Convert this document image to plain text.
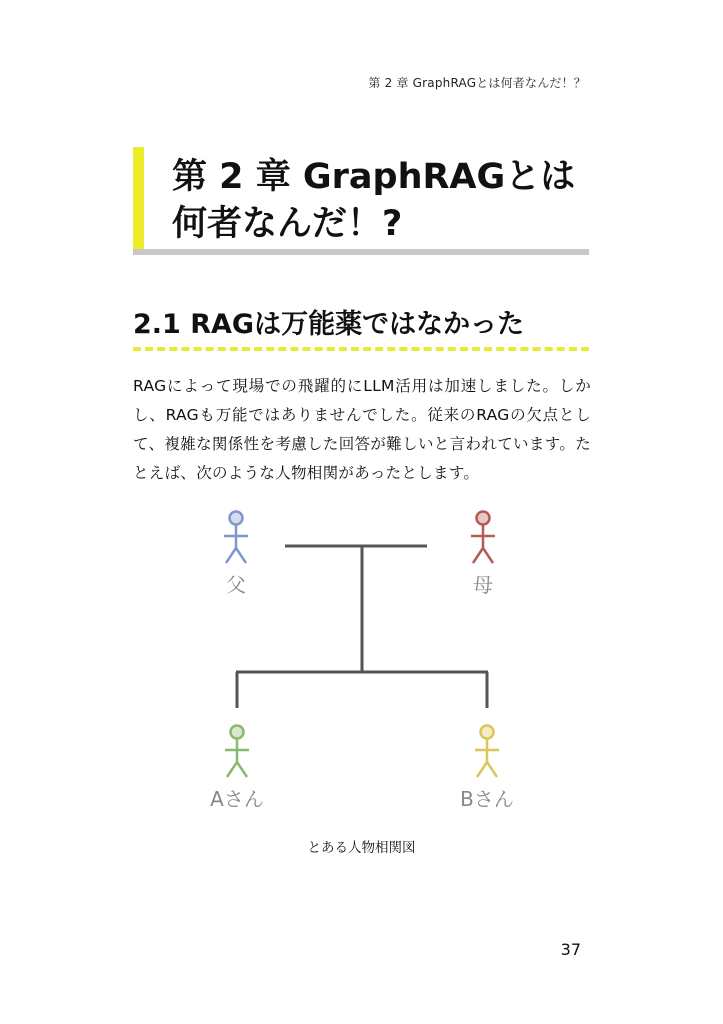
第 2 章 GraphRAGとは何者なんだ！？
第 2 章 GraphRAGとは何者なんだ！?
2.1 RAGは万能薬ではなかった

RAGによって現場での飛躍的にLLM活用は加速しました。しかし、RAGも万能ではありませんでした。従来のRAGの欠点として、複雑な関係性を考慮した回答が難しいと言われています。たとえば、次のような人物相関があったとします。

父	母
Aさん	Bさん
とある人物相関図
37
